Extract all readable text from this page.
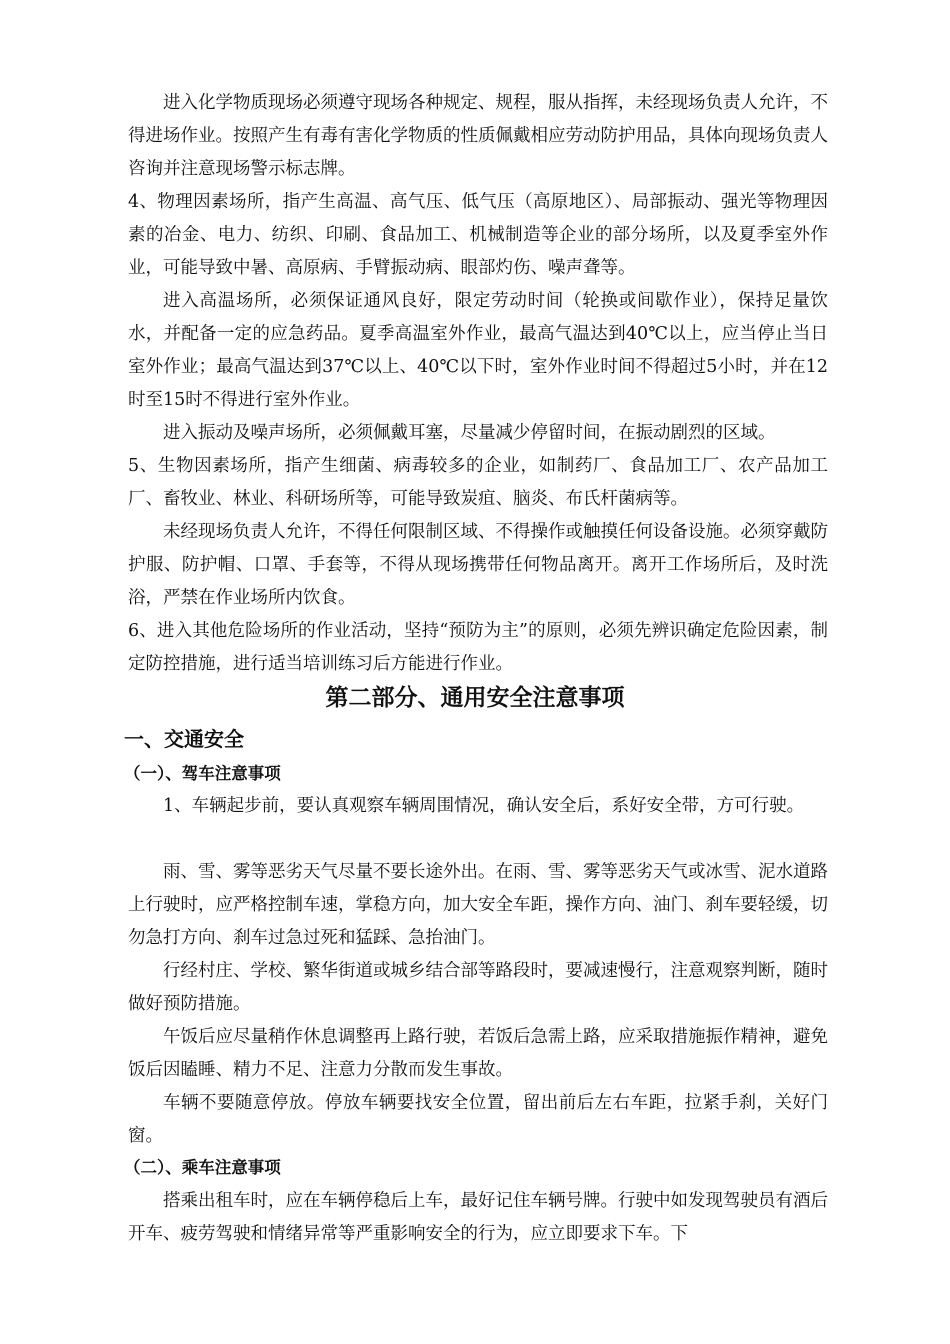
进入化学物质现场必须遵守现场各种规定、规程，服从指挥，未经现场负责人允许，不得进场作业。按照产生有毒有害化学物质的性质佩戴相应劳动防护用品，具体向现场负责人咨询并注意现场警示标志牌。

4、物理因素场所，指产生高温、高气压、低气压（高原地区）、局部振动、强光等物理因素的冶金、电力、纺织、印刷、食品加工、机械制造等企业的部分场所，以及夏季室外作业，可能导致中暑、高原病、手臂振动病、眼部灼伤、噪声聋等。

进入高温场所，必须保证通风良好，限定劳动时间（轮换或间歇作业），保持足量饮水，并配备一定的应急药品。夏季高温室外作业，最高气温达到40℃以上，应当停止当日室外作业；最高气温达到37℃以上、40℃以下时，室外作业时间不得超过5小时，并在12时至15时不得进行室外作业。

进入振动及噪声场所，必须佩戴耳塞，尽量减少停留时间，在振动剧烈的区域。

5、生物因素场所，指产生细菌、病毒较多的企业，如制药厂、食品加工厂、农产品加工厂、畜牧业、林业、科研场所等，可能导致炭疽、脑炎、布氏杆菌病等。

未经现场负责人允许，不得任何限制区域、不得操作或触摸任何设备设施。必须穿戴防护服、防护帽、口罩、手套等，不得从现场携带任何物品离开。离开工作场所后，及时洗浴，严禁在作业场所内饮食。

6、进入其他危险场所的作业活动，坚持“预防为主”的原则，必须先辨识确定危险因素，制定防控措施，进行适当培训练习后方能进行作业。

第二部分、通用安全注意事项
一、交通安全
（一）、驾车注意事项

1、车辆起步前，要认真观察车辆周围情况，确认安全后，系好安全带，方可行驶。

雨、雪、雾等恶劣天气尽量不要长途外出。在雨、雪、雾等恶劣天气或冰雪、泥水道路上行驶时，应严格控制车速，掌稳方向，加大安全车距，操作方向、油门、刹车要轻缓，切勿急打方向、刹车过急过死和猛踩、急抬油门。

行经村庄、学校、繁华街道或城乡结合部等路段时，要减速慢行，注意观察判断，随时做好预防措施。

午饭后应尽量稍作休息调整再上路行驶，若饭后急需上路，应采取措施振作精神，避免饭后因瞌睡、精力不足、注意力分散而发生事故。

车辆不要随意停放。停放车辆要找安全位置，留出前后左右车距，拉紧手刹，关好门窗。

（二）、乘车注意事项

搭乘出租车时，应在车辆停稳后上车，最好记住车辆号牌。行驶中如发现驾驶员有酒后开车、疲劳驾驶和情绪异常等严重影响安全的行为，应立即要求下车。下
